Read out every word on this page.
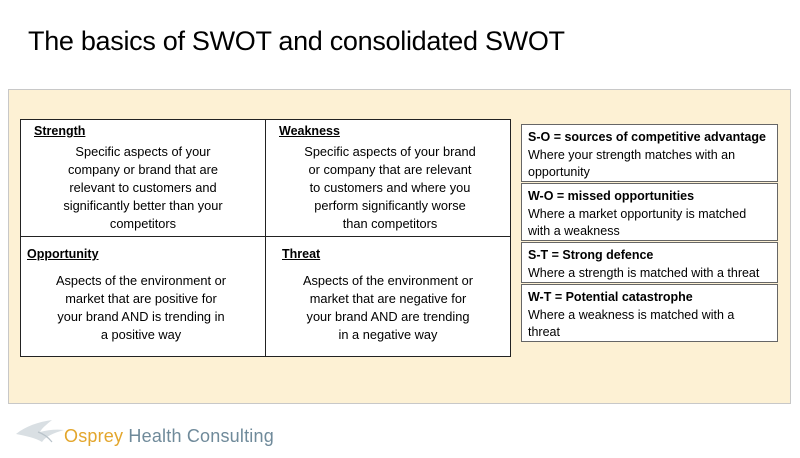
The basics of SWOT and consolidated SWOT
Strength
Specific aspects of your
company or brand that are
relevant to customers and
significantly better than your
competitors
Weakness
Specific aspects of your brand
or company that are relevant
to customers and where you
perform significantly worse
than competitors
Opportunity
Aspects of the environment or
market that are positive for
your brand AND is trending in
a positive way
Threat
Aspects of the environment or
market that are negative for
your brand AND are trending
in a negative way
S-O = sources of competitive advantage

Where your strength matches with an
opportunity

W-O = missed opportunities

Where a market opportunity is matched
with a weakness

S-T = Strong defence

Where a strength is matched with a threat

W-T = Potential catastrophe

Where a weakness is matched with a
threat

Osprey Health Consulting
